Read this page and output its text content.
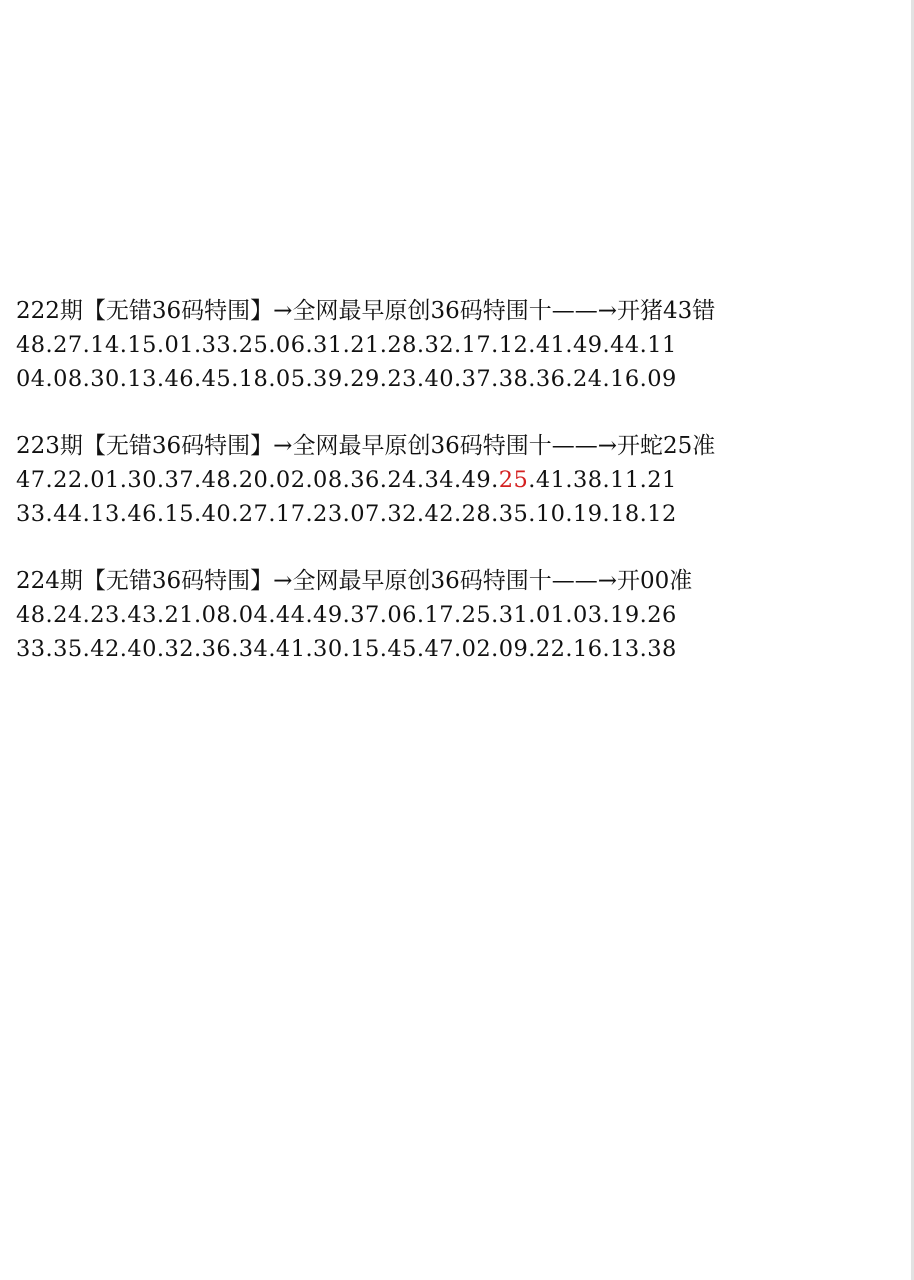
222期【无错36码特围】→全网最早原创36码特围十——→开猪43错
48.27.14.15.01.33.25.06.31.21.28.32.17.12.41.49.44.11
04.08.30.13.46.45.18.05.39.29.23.40.37.38.36.24.16.09
223期【无错36码特围】→全网最早原创36码特围十——→开蛇25准
47.22.01.30.37.48.20.02.08.36.24.34.49.25.41.38.11.21
33.44.13.46.15.40.27.17.23.07.32.42.28.35.10.19.18.12
224期【无错36码特围】→全网最早原创36码特围十——→开00准
48.24.23.43.21.08.04.44.49.37.06.17.25.31.01.03.19.26
33.35.42.40.32.36.34.41.30.15.45.47.02.09.22.16.13.38
